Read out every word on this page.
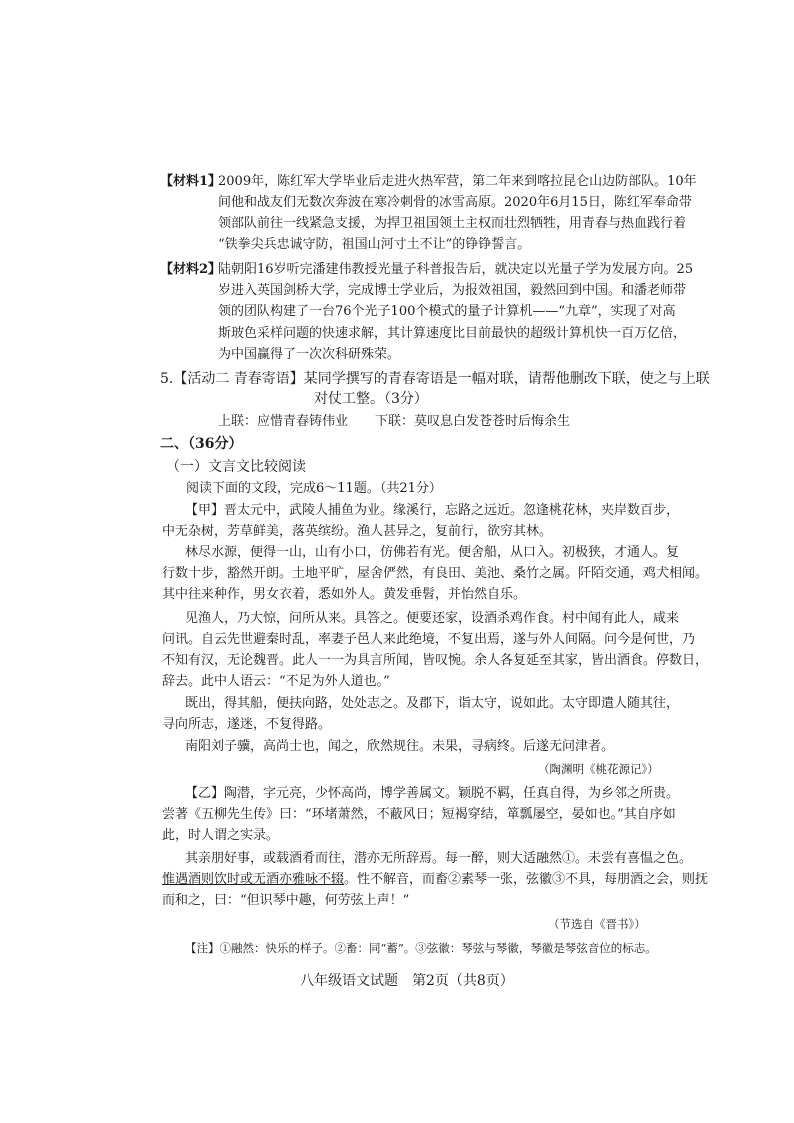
【材料1】
2009年，陈红军大学毕业后走进火热军营，第二年来到喀拉昆仑山边防部队。10年
间他和战友们无数次奔波在寒冷刺骨的冰雪高原。2020年6月15日，陈红军奉命带
领部队前往一线紧急支援，为捍卫祖国领土主权而壮烈牺牲，用青春与热血践行着
“铁拳尖兵忠诚守防，祖国山河寸土不让”的铮铮誓言。
【材料2】
陆朝阳16岁听完潘建伟教授光量子科普报告后，就决定以光量子学为发展方向。25
岁进入英国剑桥大学，完成博士学业后，为报效祖国，毅然回到中国。和潘老师带
领的团队构建了一台76个光子100个模式的量子计算机——“九章”，实现了对高
斯玻色采样问题的快速求解，其计算速度比目前最快的超级计算机快一百万亿倍，
为中国赢得了一次次科研殊荣。
5.【活动二 青春寄语】某同学撰写的青春寄语是一幅对联，请帮他删改下联，使之与上联
对仗工整。（3分）
上联：应惜青春铸伟业 下联：莫叹息白发苍苍时后悔余生
二、（36分）
（一）文言文比较阅读
阅读下面的文段，完成6～11题。（共21分）
【甲】晋太元中，武陵人捕鱼为业。缘溪行，忘路之远近。忽逢桃花林，夹岸数百步，
中无杂树，芳草鲜美，落英缤纷。渔人甚异之，复前行，欲穷其林。
林尽水源，便得一山，山有小口，仿佛若有光。便舍船，从口入。初极狭，才通人。复
行数十步，豁然开朗。土地平旷，屋舍俨然，有良田、美池、桑竹之属。阡陌交通，鸡犬相闻。
其中往来种作，男女衣着，悉如外人。黄发垂髫，并怡然自乐。
见渔人，乃大惊，问所从来。具答之。便要还家，设酒杀鸡作食。村中闻有此人，咸来
问讯。自云先世避秦时乱，率妻子邑人来此绝境，不复出焉，遂与外人间隔。问今是何世，乃
不知有汉，无论魏晋。此人一一为具言所闻，皆叹惋。余人各复延至其家，皆出酒食。停数日，
辞去。此中人语云：“不足为外人道也。”
既出，得其船，便扶向路，处处志之。及郡下，诣太守，说如此。太守即遣人随其往，
寻向所志，遂迷，不复得路。
南阳刘子骥，高尚士也，闻之，欣然规往。未果，寻病终。后遂无问津者。
（陶渊明《桃花源记》）
【乙】陶潜，字元亮，少怀高尚，博学善属文。颖脱不羁，任真自得，为乡邻之所贵。
尝著《五柳先生传》曰：“环堵萧然，不蔽风日；短褐穿结，箪瓢屡空，晏如也。”其自序如
此，时人谓之实录。
其亲朋好事，或载酒肴而往，潜亦无所辞焉。每一醉，则大适融然①。未尝有喜愠之色。
惟遇酒则饮时或无酒亦雅咏不辍。性不解音，而畜②素琴一张，弦徽③不具，每朋酒之会，则抚
而和之，曰：“但识琴中趣，何劳弦上声！”
（节选自《晋书》）
【注】①融然：快乐的样子。②畜：同“蓄”。③弦徽：琴弦与琴徽，琴徽是琴弦音位的标志。
八年级语文试题　第2页（共8页）
